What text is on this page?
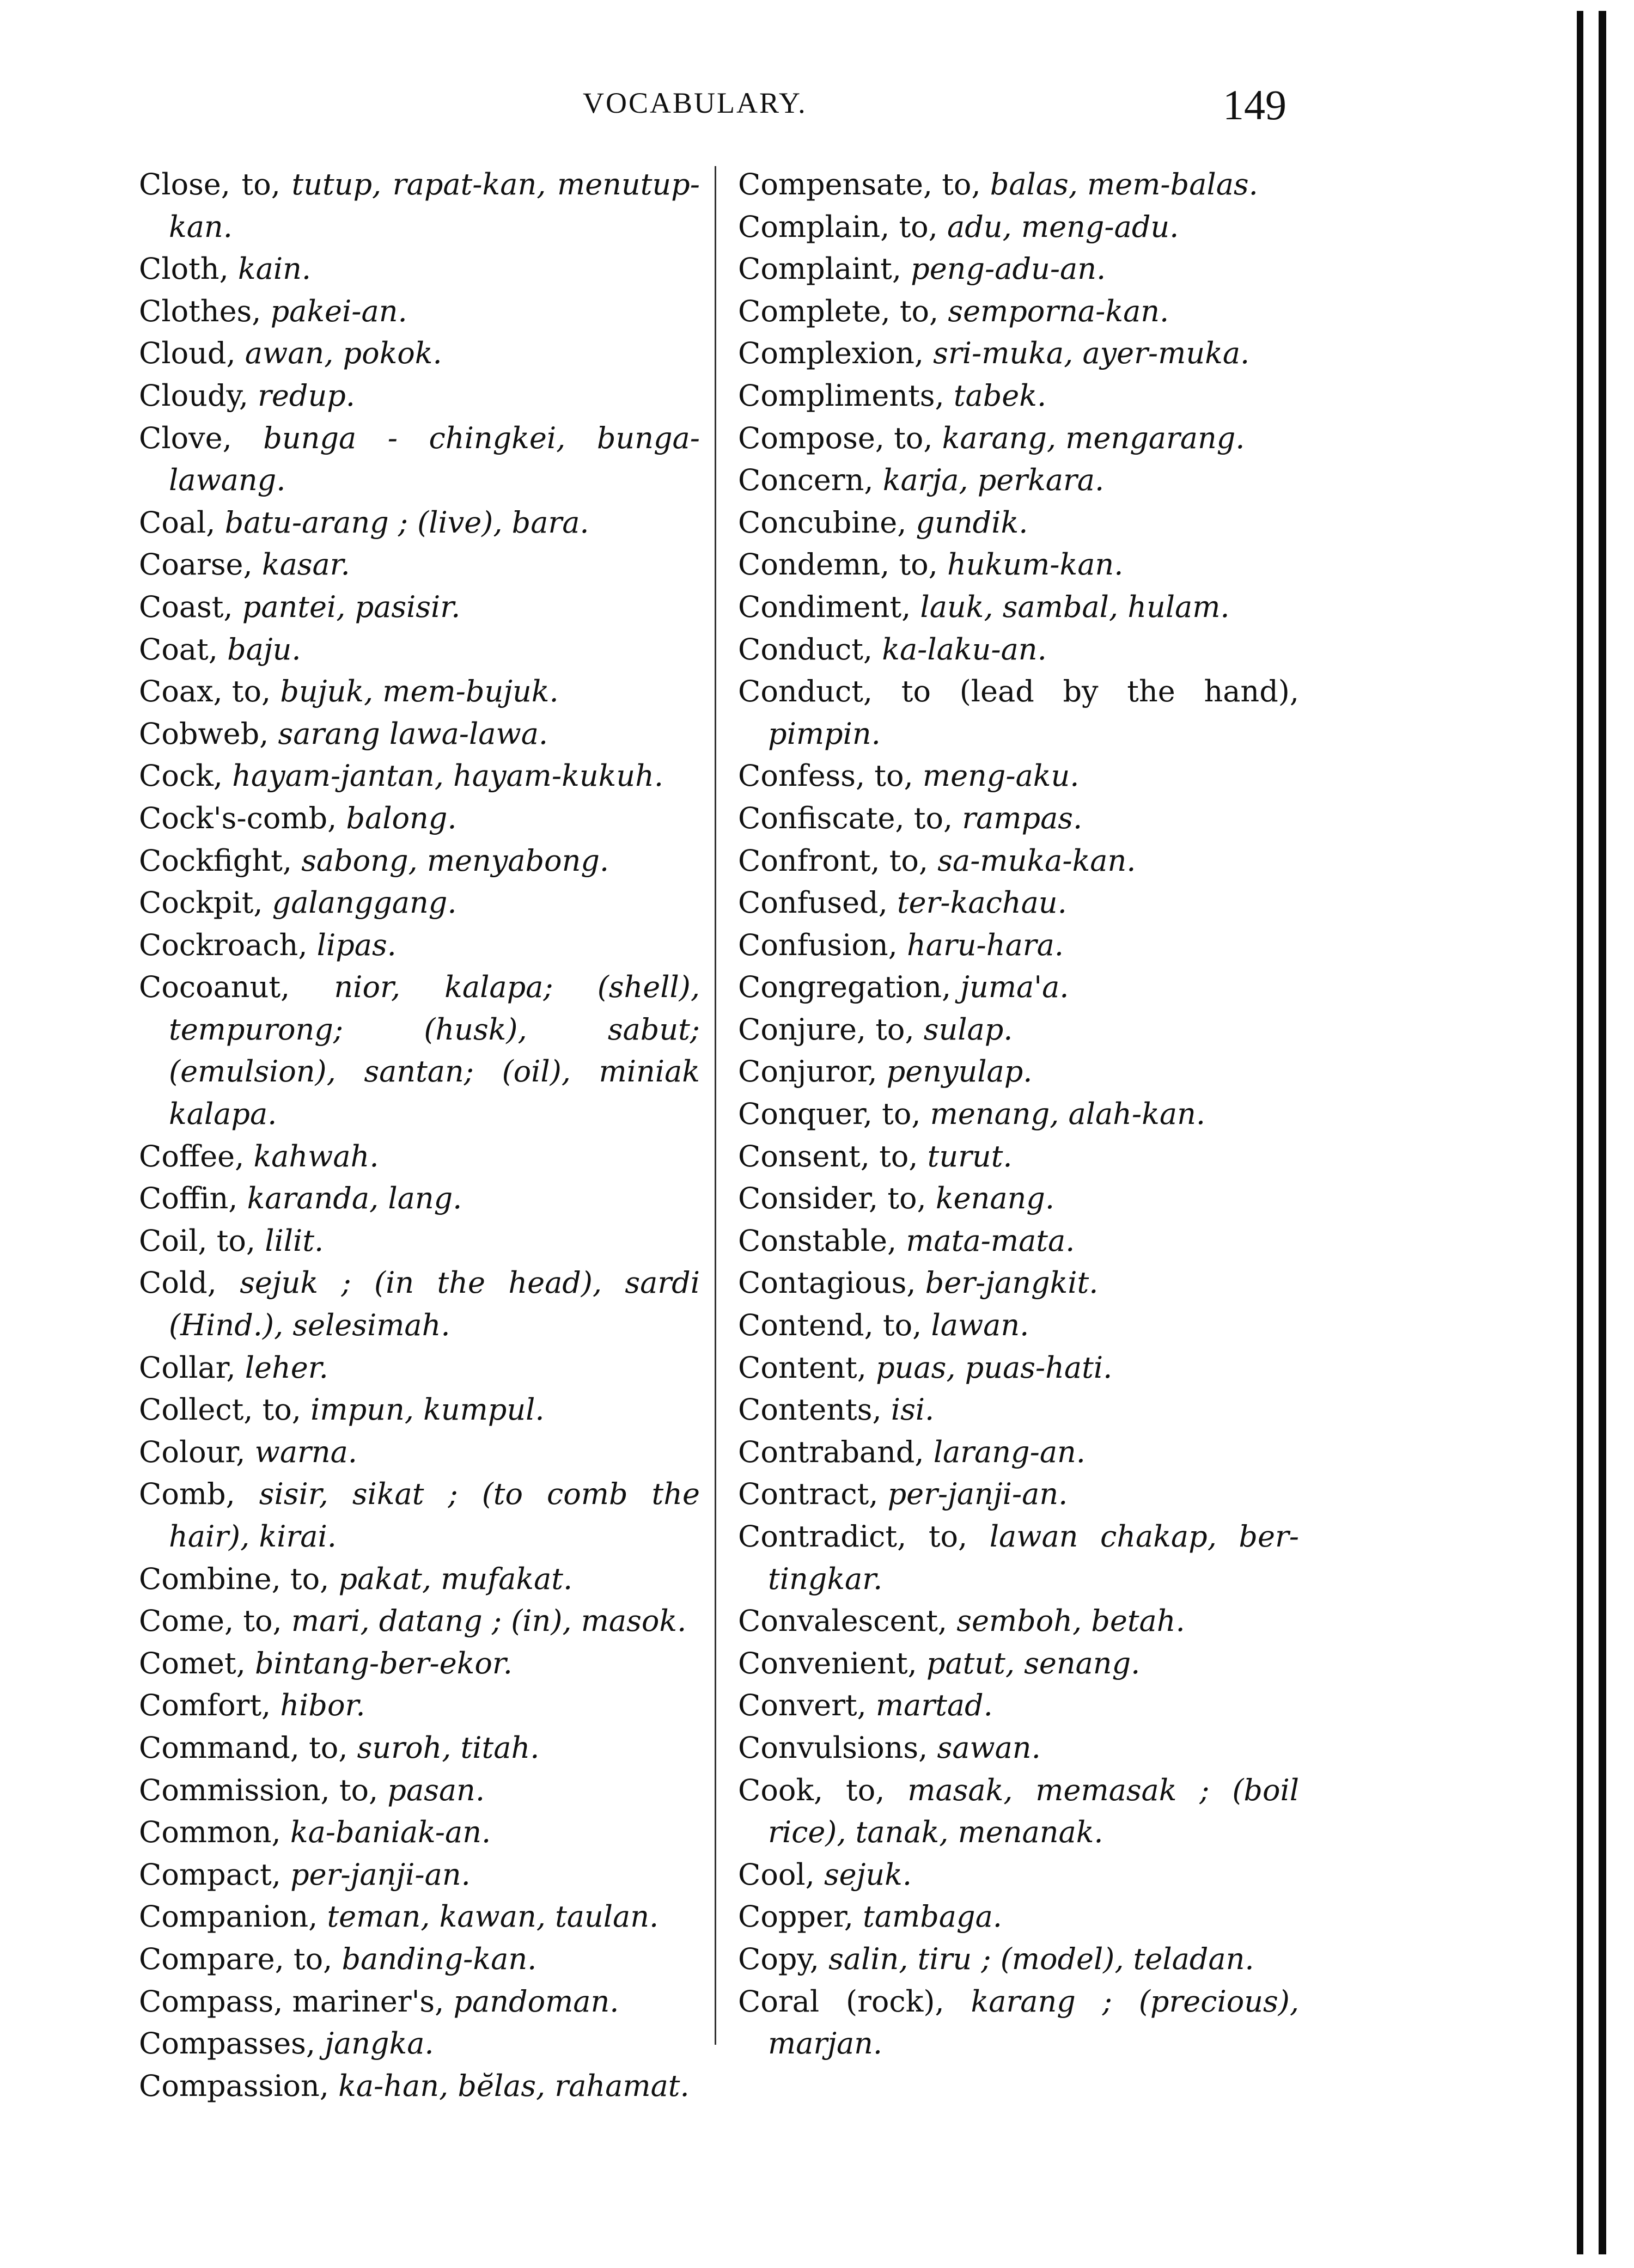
VOCABULARY.	149

Close, to, tutup, rapat-kan, menutup-kan.

Cloth, kain.

Clothes, pakei-an.

Cloud, awan, pokok.

Cloudy, redup.

Clove, bunga - chingkei, bunga-lawang.

Coal, batu-arang ; (live), bara.

Coarse, kasar.

Coast, pantei, pasisir.

Coat, baju.

Coax, to, bujuk, mem-bujuk.

Cobweb, sarang lawa-lawa.

Cock, hayam-jantan, hayam-kukuh.

Cock's-comb, balong.

Cockfight, sabong, menyabong.

Cockpit, galanggang.

Cockroach, lipas.

Cocoanut, nior, kalapa; (shell), tempurong; (husk), sabut; (emulsion), santan; (oil), miniak kalapa.

Coffee, kahwah.

Coffin, karanda, lang.

Coil, to, lilit.

Cold, sejuk ; (in the head), sardi (Hind.), selesimah.

Collar, leher.

Collect, to, impun, kumpul.

Colour, warna.

Comb, sisir, sikat ; (to comb the hair), kirai.

Combine, to, pakat, mufakat.

Come, to, mari, datang ; (in), masok.

Comet, bintang-ber-ekor.

Comfort, hibor.

Command, to, suroh, titah.

Commission, to, pasan.

Common, ka-baniak-an.

Compact, per-janji-an.

Companion, teman, kawan, taulan.

Compare, to, banding-kan.

Compass, mariner's, pandoman.

Compasses, jangka.

Compassion, ka-han, bĕlas, rahamat.

Compensate, to, balas, mem-balas.

Complain, to, adu, meng-adu.

Complaint, peng-adu-an.

Complete, to, semporna-kan.

Complexion, sri-muka, ayer-muka.

Compliments, tabek.

Compose, to, karang, mengarang.

Concern, karja, perkara.

Concubine, gundik.

Condemn, to, hukum-kan.

Condiment, lauk, sambal, hulam.

Conduct, ka-laku-an.

Conduct, to (lead by the hand), pimpin.

Confess, to, meng-aku.

Confiscate, to, rampas.

Confront, to, sa-muka-kan.

Confused, ter-kachau.

Confusion, haru-hara.

Congregation, juma'a.

Conjure, to, sulap.

Conjuror, penyulap.

Conquer, to, menang, alah-kan.

Consent, to, turut.

Consider, to, kenang.

Constable, mata-mata.

Contagious, ber-jangkit.

Contend, to, lawan.

Content, puas, puas-hati.

Contents, isi.

Contraband, larang-an.

Contract, per-janji-an.

Contradict, to, lawan chakap, ber-tingkar.

Convalescent, semboh, betah.

Convenient, patut, senang.

Convert, martad.

Convulsions, sawan.

Cook, to, masak, memasak ; (boil rice), tanak, menanak.

Cool, sejuk.

Copper, tambaga.

Copy, salin, tiru ; (model), teladan.

Coral (rock), karang ; (precious), marjan.
